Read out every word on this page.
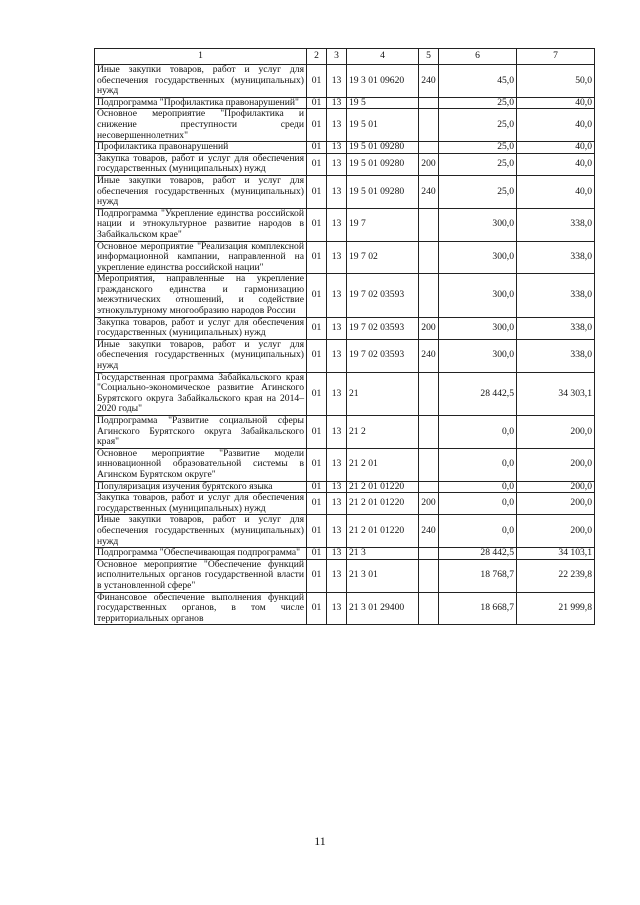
1	2	3	4	5	6	7
Иные закупки товаров, работ и услуг для обеспечения государственных (муниципальных) нужд	01	13	19 3 01 09620	240	45,0	50,0
Подпрограмма "Профилактика правонарушений"	01	13	19 5		25,0	40,0
Основное мероприятие "Профилактика и снижение преступности среди несовершеннолетних"	01	13	19 5 01		25,0	40,0
Профилактика правонарушений	01	13	19 5 01 09280		25,0	40,0
Закупка товаров, работ и услуг для обеспечения государственных (муниципальных) нужд	01	13	19 5 01 09280	200	25,0	40,0
Иные закупки товаров, работ и услуг для обеспечения государственных (муниципальных) нужд	01	13	19 5 01 09280	240	25,0	40,0
Подпрограмма "Укрепление единства российской нации и этнокультурное развитие народов в Забайкальском крае"	01	13	19 7		300,0	338,0
Основное мероприятие "Реализация комплексной информационной кампании, направленной на укрепление единства российской нации"	01	13	19 7 02		300,0	338,0
Мероприятия, направленные на укрепление гражданского единства и гармонизацию межэтнических отношений, и содействие этнокультурному многообразию народов России	01	13	19 7 02 03593		300,0	338,0
Закупка товаров, работ и услуг для обеспечения государственных (муниципальных) нужд	01	13	19 7 02 03593	200	300,0	338,0
Иные закупки товаров, работ и услуг для обеспечения государственных (муниципальных) нужд	01	13	19 7 02 03593	240	300,0	338,0
Государственная программа Забайкальского края "Социально-экономическое развитие Агинского Бурятского округа Забайкальского края на 2014–2020 годы"	01	13	21		28 442,5	34 303,1
Подпрограмма "Развитие социальной сферы Агинского Бурятского округа Забайкальского края"	01	13	21 2		0,0	200,0
Основное мероприятие "Развитие модели инновационной образовательной системы в Агинском Бурятском округе"	01	13	21 2 01		0,0	200,0
Популяризация изучения бурятского языка	01	13	21 2 01 01220		0,0	200,0
Закупка товаров, работ и услуг для обеспечения государственных (муниципальных) нужд	01	13	21 2 01 01220	200	0,0	200,0
Иные закупки товаров, работ и услуг для обеспечения государственных (муниципальных) нужд	01	13	21 2 01 01220	240	0,0	200,0
Подпрограмма "Обеспечивающая подпрограмма"	01	13	21 3		28 442,5	34 103,1
Основное мероприятие "Обеспечение функций исполнительных органов государственной власти в установленной сфере"	01	13	21 3 01		18 768,7	22 239,8
Финансовое обеспечение выполнения функций государственных органов, в том числе территориальных органов	01	13	21 3 01 29400		18 668,7	21 999,8
11
